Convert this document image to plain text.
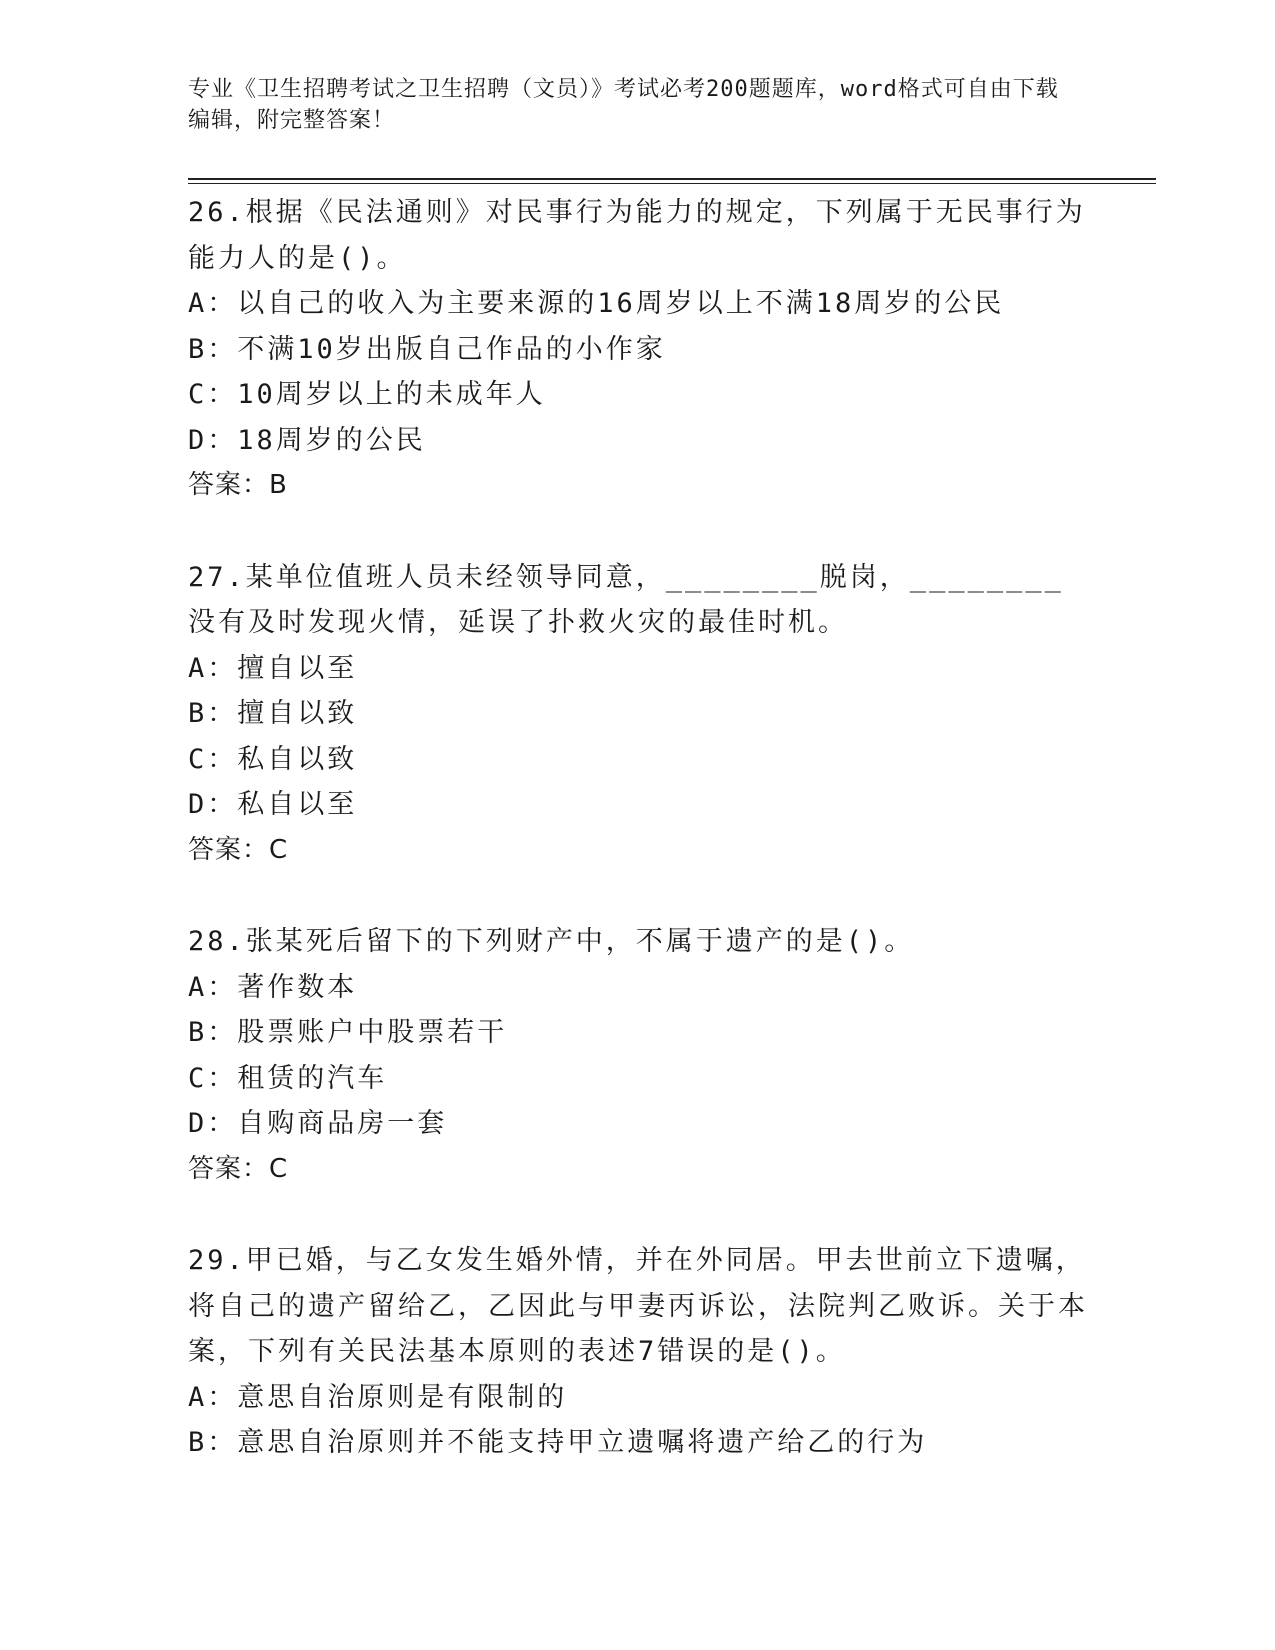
专业《卫生招聘考试之卫生招聘（文员）》考试必考200题题库，word格式可自由下载编辑，附完整答案！

26.根据《民法通则》对民事行为能力的规定，下列属于无民事行为能力人的是()。

A：以自己的收入为主要来源的16周岁以上不满18周岁的公民

B：不满10岁出版自己作品的小作家

C：10周岁以上的未成年人

D：18周岁的公民

答案：B

27.某单位值班人员未经领导同意，________脱岗，________没有及时发现火情，延误了扑救火灾的最佳时机。

A：擅自以至

B：擅自以致

C：私自以致

D：私自以至

答案：C

28.张某死后留下的下列财产中，不属于遗产的是()。

A：著作数本

B：股票账户中股票若干

C：租赁的汽车

D：自购商品房一套

答案：C

29.甲已婚，与乙女发生婚外情，并在外同居。甲去世前立下遗嘱，将自己的遗产留给乙，乙因此与甲妻丙诉讼，法院判乙败诉。关于本案，下列有关民法基本原则的表述7错误的是()。

A：意思自治原则是有限制的

B：意思自治原则并不能支持甲立遗嘱将遗产给乙的行为
